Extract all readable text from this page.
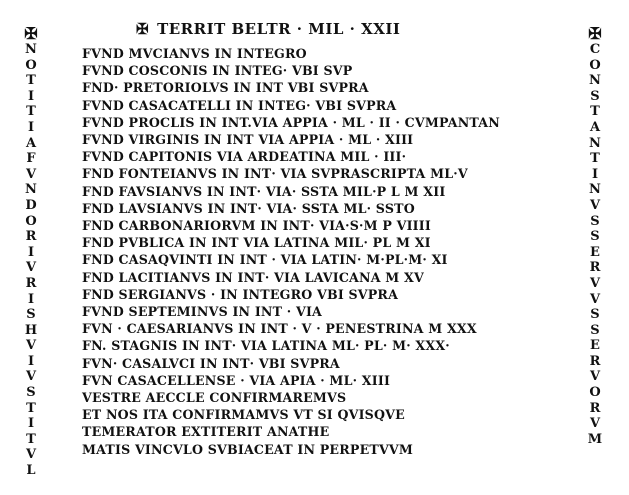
✠
N
O
T
I
T
I
A
F
V
N
D
O
R
I
V
R
I
S
H
V
I
V
S
T
I
T
V
L
✠ TERRIT BELTR · MIL · XXII
FVND MVCIANVS IN INTEGRO
FVND COSCONIS IN INTEG· VBI SVP
FND· PRETORIOLVS IN INT VBI SVPRA
FVND CASACATELLI IN INTEG· VBI SVPRA
FVND PROCLIS IN INT.VIA APPIA · ML · II · CVMPANTAN
FVND VIRGINIS IN INT VIA APPIA · ML · XIII
FVND CAPITONIS VIA ARDEATINA MIL · III·
FND FONTEIANVS IN INT· VIA SVPRASCRIPTA ML·V
FND FAVSIANVS IN INT· VIA· SSTA MIL·P L M XII
FND LAVSIANVS IN INT· VIA· SSTA ML· SSTO
FND CARBONARIORVM IN INT· VIA·S·M P VIIII
FND PVBLICA IN INT VIA LATINA MIL· PL M XI
FND CASAQVINTI IN INT · VIA LATIN· M·PL·M· XI
FND LACITIANVS IN INT· VIA LAVICANA M XV
FND SERGIANVS · IN INTEGRO VBI SVPRA
FVND SEPTEMINVS IN INT · VIA
FVN · CAESARIANVS IN INT · V · PENESTRINA M XXX
FN. STAGNIS IN INT· VIA LATINA ML· PL· M· XXX·
FVN· CASALVCI IN INT· VBI SVPRA
FVN CASACELLENSE · VIA APIA · ML· XIII
VESTRE AECCLE CONFIRMAREMVS
ET NOS ITA CONFIRMAMVS VT SI QVISQVE
TEMERATOR EXTITERIT ANATHE
MATIS VINCVLO SVBIACEAT IN PERPETVVM
✠
C
O
N
S
T
A
N
T
I
N
V
S
S
E
R
V
V
S
S
E
R
V
O
R
V
M
